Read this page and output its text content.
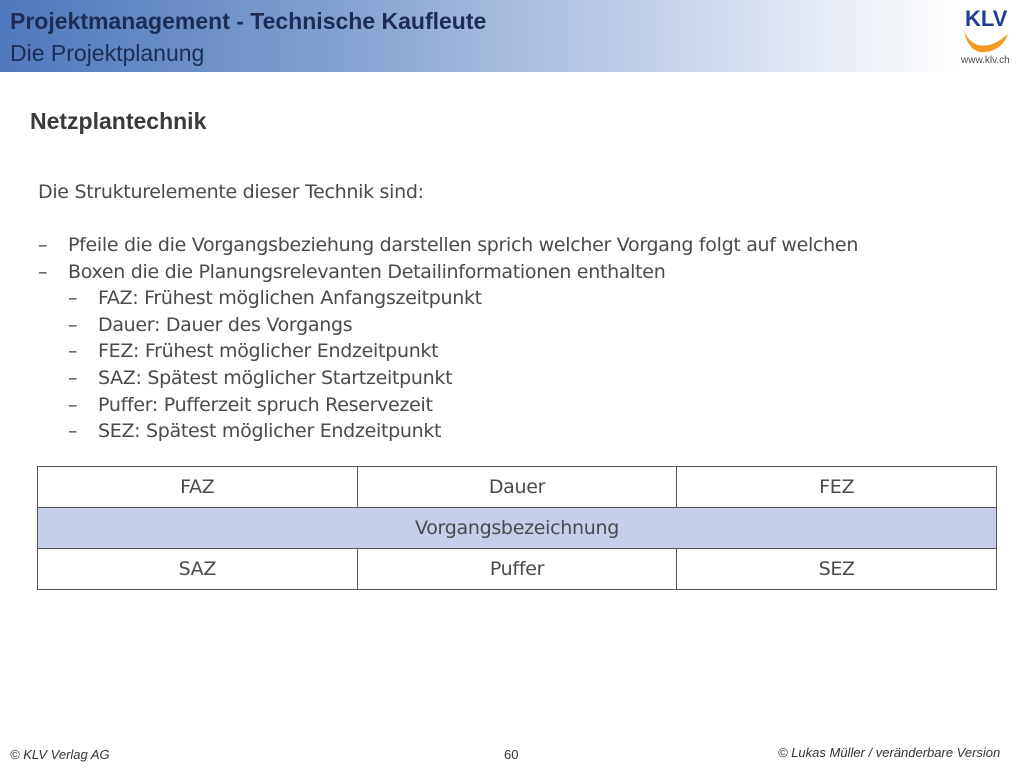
Projektmanagement - Technische Kaufleute
Die Projektplanung
KLV
www.klv.ch
Netzplantechnik
Die Strukturelemente dieser Technik sind:
– Pfeile die die Vorgangsbeziehung darstellen sprich welcher Vorgang folgt auf welchen
– Boxen die die Planungsrelevanten Detailinformationen enthalten
– FAZ: Frühest möglichen Anfangszeitpunkt
– Dauer: Dauer des Vorgangs
– FEZ: Frühest möglicher Endzeitpunkt
– SAZ: Spätest möglicher Startzeitpunkt
– Puffer: Pufferzeit spruch Reservezeit
– SEZ: Spätest möglicher Endzeitpunkt
FAZ	Dauer	FEZ
Vorgangsbezeichnung		
SAZ	Puffer	SEZ
© KLV Verlag AG	60	© Lukas Müller / veränderbare Version
